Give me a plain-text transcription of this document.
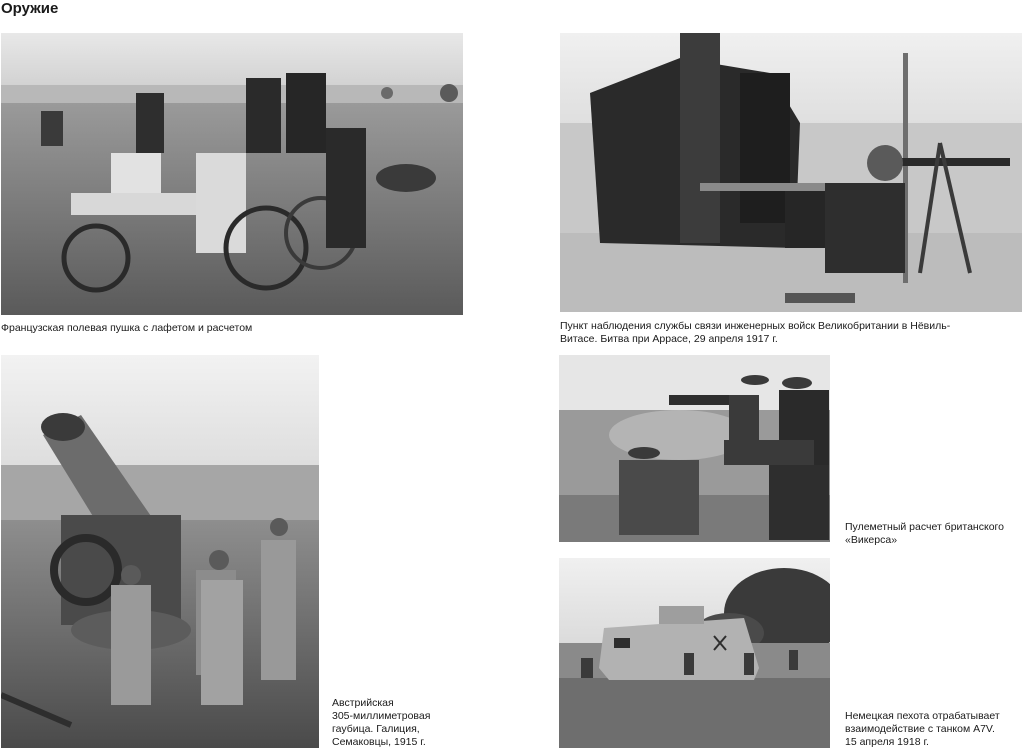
Оружие

Французская полевая пушка с лафетом и расчетом	Пункт наблюдения службы связи инженерных войск Великобритании в Нёвиль-
Витасе. Битва при Аррасе, 29 апреля 1917 г.

Австрийская
305-миллиметровая
гаубица. Галиция,
Семаковцы, 1915 г.

Пулеметный расчет британского
«Викерса»

Немецкая пехота отрабатывает
взаимодействие с танком A7V.
15 апреля 1918 г.
